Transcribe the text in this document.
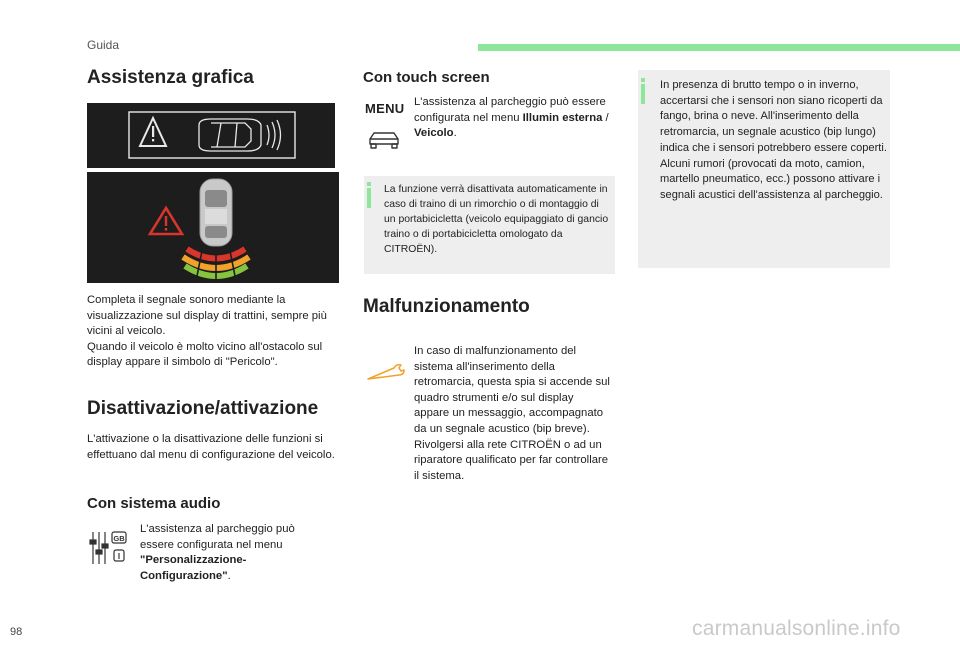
Guida
Assistenza grafica

Completa il segnale sonoro mediante la visualizzazione sul display di trattini, sempre più vicini al veicolo.

Quando il veicolo è molto vicino all'ostacolo sul display appare il simbolo di "Pericolo".

Disattivazione/attivazione
L'attivazione o la disattivazione delle funzioni si effettuano dal menu di configurazione del veicolo.
Con sistema audio
GB
I
L'assistenza al parcheggio può essere configurata nel menu "Personalizzazione-Configurazione".
Con touch screen
MENU L'assistenza al parcheggio può essere configurata nel menu Illumin esterna / Veicolo.
La funzione verrà disattivata automaticamente in caso di traino di un rimorchio o di montaggio di un portabicicletta (veicolo equipaggiato di gancio traino o di portabicicletta omologato da CITROËN).
Malfunzionamento

In caso di malfunzionamento del sistema all'inserimento della retromarcia, questa spia si accende sul quadro strumenti e/o sul display appare un messaggio, accompagnato da un segnale acustico (bip breve).

Rivolgersi alla rete CITROËN o ad un riparatore qualificato per far controllare il sistema.

In presenza di brutto tempo o in inverno, accertarsi che i sensori non siano ricoperti da fango, brina o neve. All'inserimento della retromarcia, un segnale acustico (bip lungo) indica che i sensori potrebbero essere coperti.

Alcuni rumori (provocati da moto, camion, martello pneumatico, ecc.) possono attivare i segnali acustici dell'assistenza al parcheggio.

98	carmanualsonline.info
